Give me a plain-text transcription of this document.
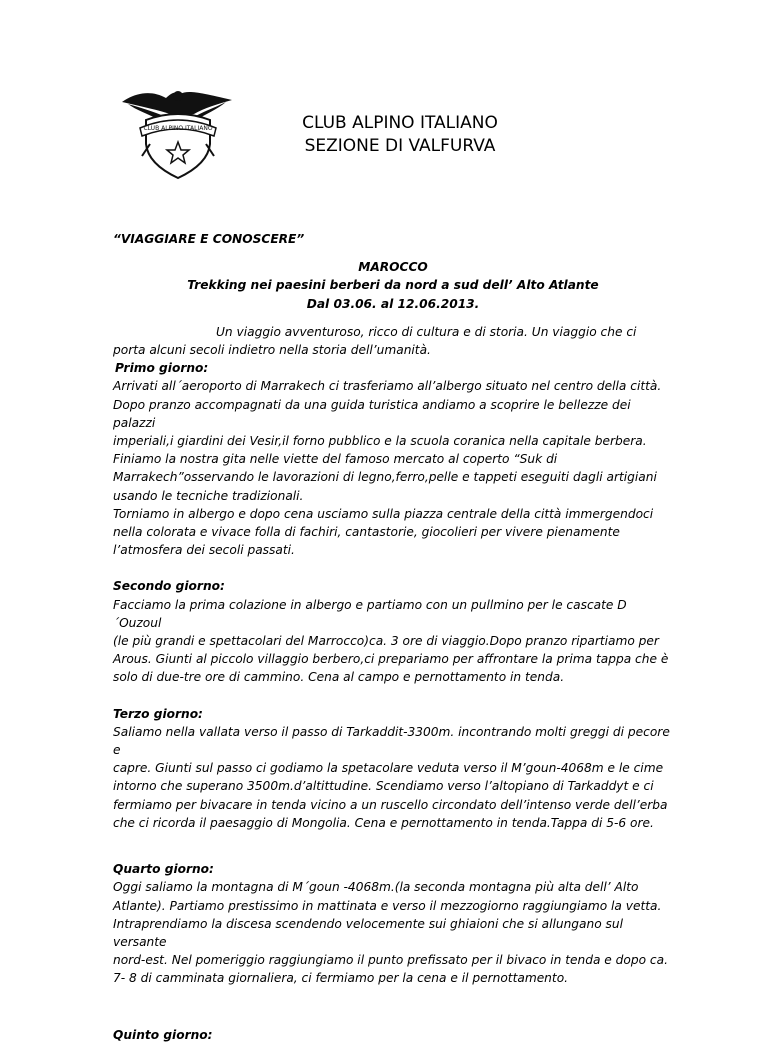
CLUB ALPINO ITALIANO	CLUB ALPINO ITALIANO
SEZIONE DI VALFURVA

“VIAGGIARE E CONOSCERE”

MAROCCO

Trekking nei paesini berberi da nord a sud dell’ Alto Atlante

Dal 03.06. al 12.06.2013.

Un viaggio avventuroso, ricco di cultura e di storia. Un viaggio che ci

porta alcuni secoli indietro nella storia dell’umanità.

Primo giorno:

Arrivati all´aeroporto di Marrakech ci trasferiamo all’albergo situato nel centro della città.

Dopo pranzo accompagnati da una guida turistica andiamo a scoprire le bellezze dei palazzi

imperiali,i giardini dei Vesir,il forno pubblico e la scuola coranica nella capitale berbera.

Finiamo la nostra gita nelle viette del famoso mercato al coperto “Suk di

Marrakech”osservando le lavorazioni di legno,ferro,pelle e tappeti eseguiti dagli artigiani

usando le tecniche tradizionali.

Torniamo in albergo e dopo cena usciamo sulla piazza centrale della città immergendoci

nella colorata e vivace folla di fachiri, cantastorie, giocolieri per vivere pienamente

l’atmosfera dei secoli passati.

Secondo giorno:

Facciamo la prima colazione in albergo e partiamo con un pullmino per le cascate D´Ouzoul

(le più grandi e spettacolari del Marrocco)ca. 3 ore di viaggio.Dopo pranzo ripartiamo per

Arous. Giunti al piccolo villaggio berbero,ci prepariamo per affrontare la prima tappa che è

solo di due-tre ore di cammino. Cena al campo e pernottamento in tenda.

Terzo giorno:

Saliamo nella vallata verso il passo di Tarkaddit-3300m. incontrando molti greggi di pecore e

capre. Giunti sul passo ci godiamo la spetacolare veduta verso il M’goun-4068m e le cime

intorno che superano 3500m.d’altittudine. Scendiamo verso l’altopiano di Tarkaddyt e ci

fermiamo per bivacare in tenda vicino a un ruscello circondato dell’intenso verde dell’erba

che ci ricorda il paesaggio di Mongolia. Cena e pernottamento in tenda.Tappa di 5-6 ore.

Quarto giorno:

Oggi saliamo la montagna di M´goun -4068m.(la seconda montagna più alta dell’ Alto

Atlante). Partiamo prestissimo in mattinata e verso il mezzogiorno raggiungiamo la vetta.

Intraprendiamo la discesa scendendo velocemente sui ghiaioni che si allungano sul versante

nord-est. Nel pomeriggio raggiungiamo il punto prefissato per il bivaco in tenda e dopo ca.

7- 8 di camminata giornaliera, ci fermiamo per la cena e il pernottamento.

Quinto giorno:
